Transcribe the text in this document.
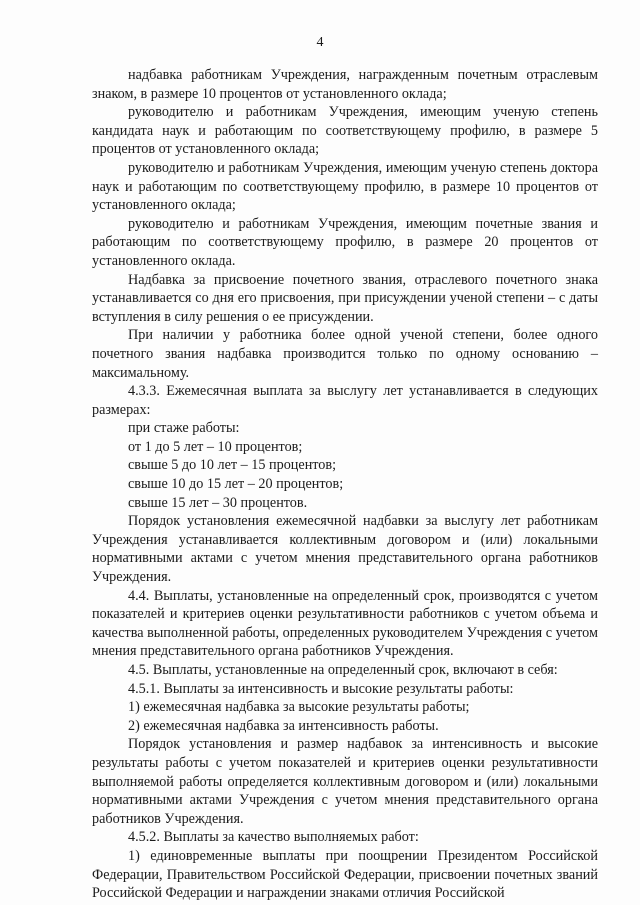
4

надбавка работникам Учреждения, награжденным почетным отраслевым знаком, в размере 10 процентов от установленного оклада;

руководителю и работникам Учреждения, имеющим ученую степень кандидата наук и работающим по соответствующему профилю, в размере 5 процентов от установленного оклада;

руководителю и работникам Учреждения, имеющим ученую степень доктора наук и работающим по соответствующему профилю, в размере 10 процентов от установленного оклада;

руководителю и работникам Учреждения, имеющим почетные звания и работающим по соответствующему профилю, в размере 20 процентов от установленного оклада.

Надбавка за присвоение почетного звания, отраслевого почетного знака устанавливается со дня его присвоения, при присуждении ученой степени – с даты вступления в силу решения о ее присуждении.

При наличии у работника более одной ученой степени, более одного почетного звания надбавка производится только по одному основанию – максимальному.

4.3.3. Ежемесячная выплата за выслугу лет устанавливается в следующих размерах:

при стаже работы:

от 1 до 5 лет – 10 процентов;

свыше 5 до 10 лет – 15 процентов;

свыше 10 до 15 лет – 20 процентов;

свыше 15 лет – 30 процентов.

Порядок установления ежемесячной надбавки за выслугу лет работникам Учреждения устанавливается коллективным договором и (или) локальными нормативными актами с учетом мнения представительного органа работников Учреждения.

4.4. Выплаты, установленные на определенный срок, производятся с учетом показателей и критериев оценки результативности работников с учетом объема и качества выполненной работы, определенных руководителем Учреждения с учетом мнения представительного органа работников Учреждения.

4.5. Выплаты, установленные на определенный срок, включают в себя:

4.5.1. Выплаты за интенсивность и высокие результаты работы:

1) ежемесячная надбавка за высокие результаты работы;

2) ежемесячная надбавка за интенсивность работы.

Порядок установления и размер надбавок за интенсивность и высокие результаты работы с учетом показателей и критериев оценки результативности выполняемой работы определяется коллективным договором и (или) локальными нормативными актами Учреждения с учетом мнения представительного органа работников Учреждения.

4.5.2. Выплаты за качество выполняемых работ:

1) единовременные выплаты при поощрении Президентом Российской Федерации, Правительством Российской Федерации, присвоении почетных званий Российской Федерации и награждении знаками отличия Российской
